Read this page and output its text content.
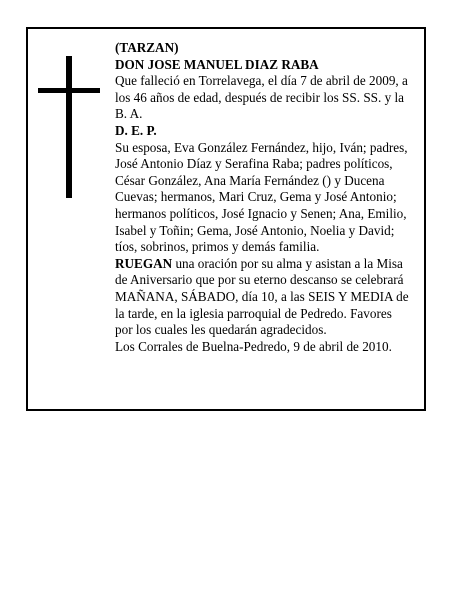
(TARZAN)
DON JOSE MANUEL DIAZ RABA
Que falleció en Torrelavega, el día 7 de abril de 2009, a
los 46 años de edad, después de recibir los SS. SS. y la
B. A.
D. E. P.
Su esposa, Eva González Fernández, hijo, Iván; padres,
José Antonio Díaz y Serafina Raba; padres políticos,
César González, Ana María Fernández () y Ducena
Cuevas; hermanos, Mari Cruz, Gema y José Antonio;
hermanos políticos, José Ignacio y Senen; Ana, Emilio,
Isabel y Toñin; Gema, José Antonio, Noelia y David;
tíos, sobrinos, primos y demás familia.
RUEGAN una oración por su alma y asistan a la Misa
de Aniversario que por su eterno descanso se celebrará
MAÑANA, SÁBADO, día 10, a las SEIS Y MEDIA de
la tarde, en la iglesia parroquial de Pedredo. Favores
por los cuales les quedarán agradecidos.
Los Corrales de Buelna-Pedredo, 9 de abril de 2010.
